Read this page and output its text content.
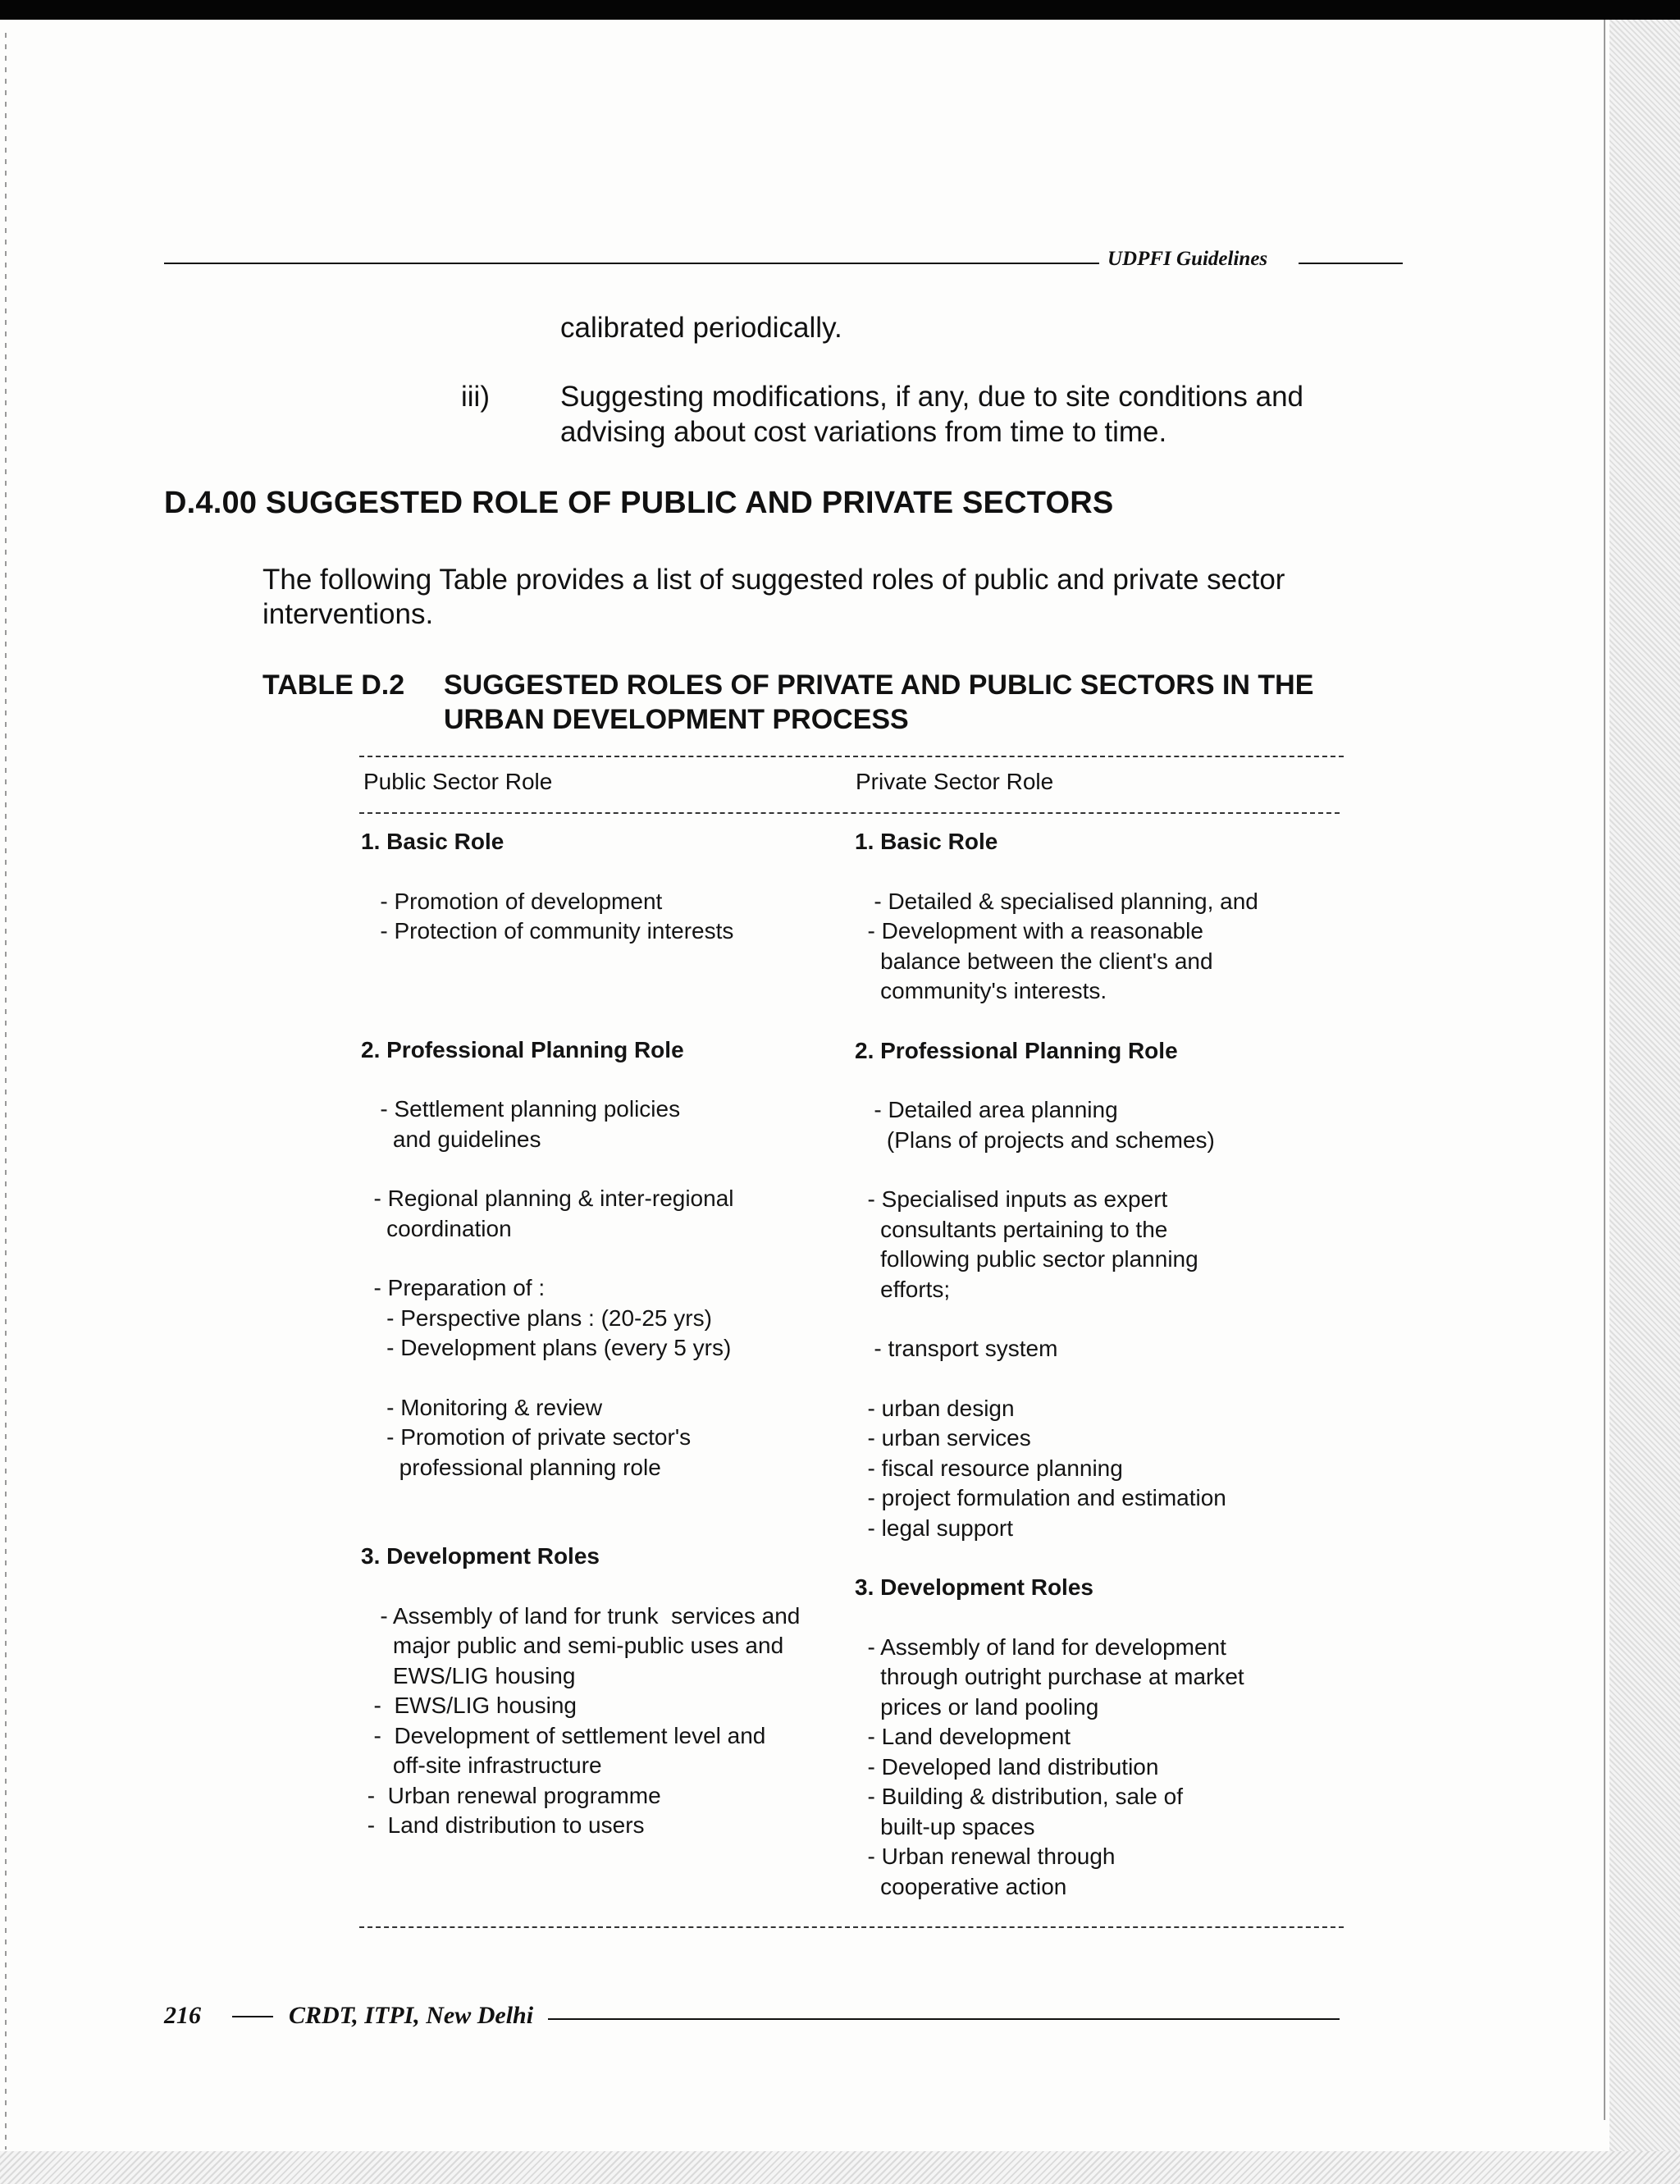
UDPFI Guidelines
calibrated periodically.
iii) Suggesting modifications, if any, due to site conditions and
advising about cost variations from time to time.
D.4.00 SUGGESTED ROLE OF PUBLIC AND PRIVATE SECTORS
The following Table provides a list of suggested roles of public and private sector
interventions.
TABLE D.2 SUGGESTED ROLES OF PRIVATE AND PUBLIC SECTORS IN THE
URBAN DEVELOPMENT PROCESS
Public Sector Role	Private Sector Role
1. Basic Role
- Promotion of development
- Protection of community interests
2. Professional Planning Role
- Settlement planning policies
and guidelines
- Regional planning & inter-regional
coordination
- Preparation of :
- Perspective plans : (20-25 yrs)
- Development plans (every 5 yrs)
- Monitoring & review
- Promotion of private sector's
professional planning role
3. Development Roles
- Assembly of land for trunk  services and
major public and semi-public uses and
EWS/LIG housing
-  EWS/LIG housing
-  Development of settlement level and
off-site infrastructure
-  Urban renewal programme
-  Land distribution to users
1. Basic Role
- Detailed & specialised planning, and
- Development with a reasonable
balance between the client's and
community's interests.
2. Professional Planning Role
- Detailed area planning
(Plans of projects and schemes)
- Specialised inputs as expert
consultants pertaining to the
following public sector planning
efforts;
- transport system
- urban design
- urban services
- fiscal resource planning
- project formulation and estimation
- legal support
3. Development Roles
- Assembly of land for development
through outright purchase at market
prices or land pooling
- Land development
- Developed land distribution
- Building & distribution, sale of
built-up spaces
- Urban renewal through
cooperative action
216	CRDT, ITPI, New Delhi
